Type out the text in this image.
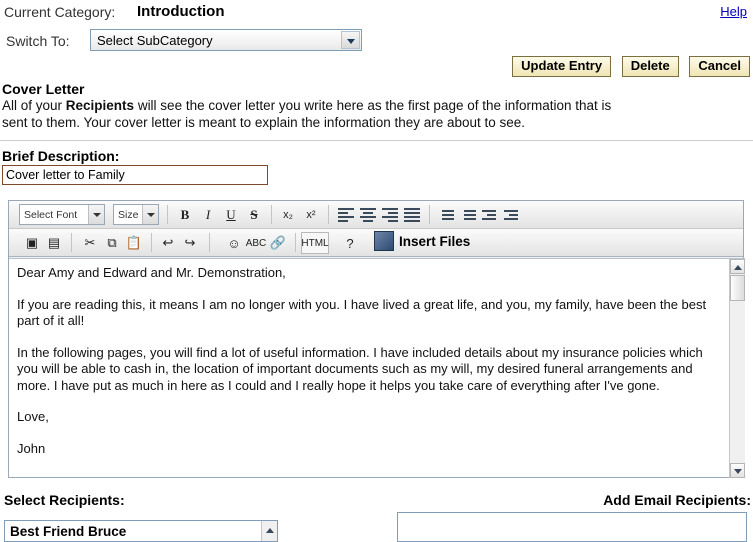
Current Category: Introduction	Help
Switch To: Select SubCategory
Update Entry Delete Cancel
Cover Letter
All of your Recipients will see the cover letter you write here as the first page of the information that is
sent to them. Your cover letter is meant to explain the information they are about to see.
Brief Description:
Cover letter to Family
Select Font	Size	B	I	U	S	x₂	x²
▣ ▤	✂ ⧉ 📋	↩ ↪	☺ ABC 🔗 HTML	?	Insert Files

Dear Amy and Edward and Mr. Demonstration,

If you are reading this, it means I am no longer with you. I have lived a great life, and you, my family, have been the best part of it all!

In the following pages, you will find a lot of useful information. I have included details about my insurance policies which you will be able to cash in, the location of important documents such as my will, my desired funeral arrangements and more. I have put as much in here as I could and I really hope it helps you take care of everything after I've gone.

Love,

John

Select Recipients:	Add Email Recipients:
Best Friend Bruce
